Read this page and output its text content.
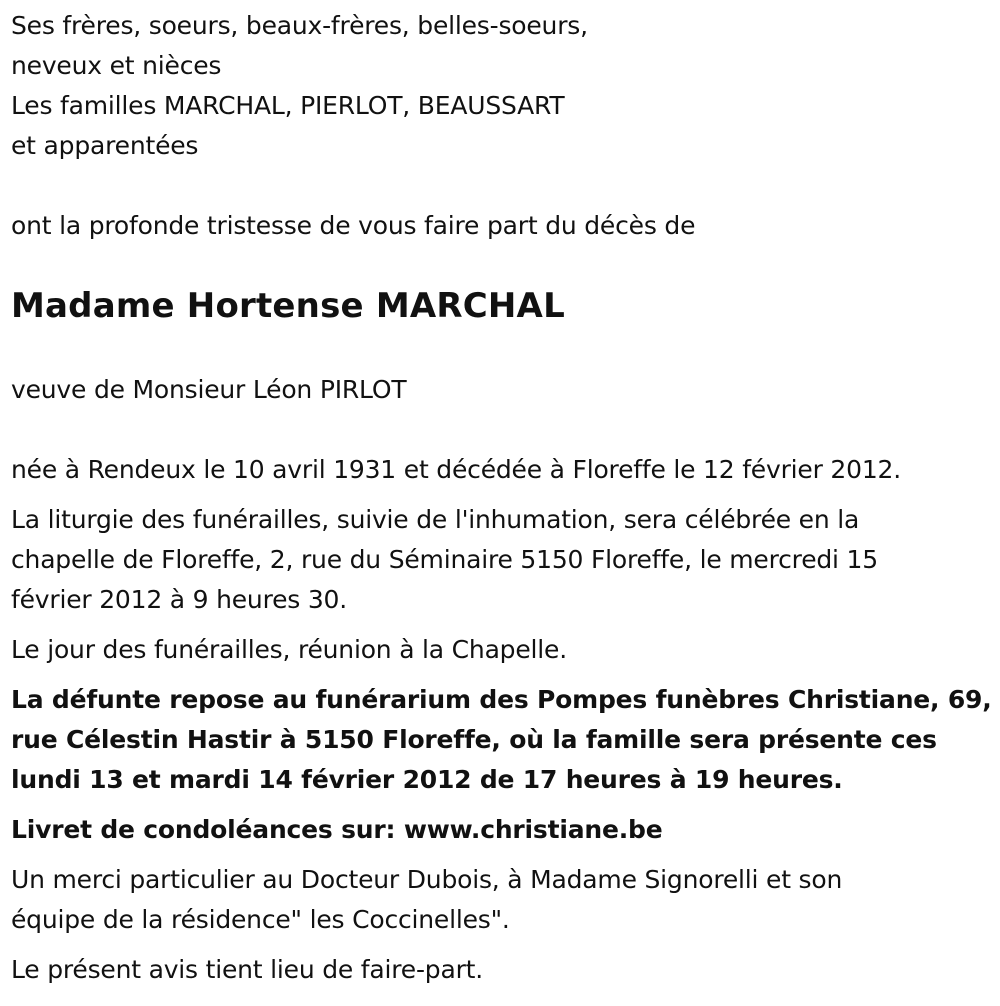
Ses frères, soeurs, beaux-frères, belles-soeurs,

neveux et nièces

Les familles MARCHAL, PIERLOT, BEAUSSART

et apparentées

ont la profonde tristesse de vous faire part du décès de

Madame Hortense MARCHAL

veuve de Monsieur Léon PIRLOT

née à Rendeux le 10 avril 1931 et décédée à Floreffe le 12 février 2012.

La liturgie des funérailles, suivie de l'inhumation, sera célébrée en la

chapelle de Floreffe, 2, rue du Séminaire 5150 Floreffe, le mercredi 15

février 2012 à 9 heures 30.

Le jour des funérailles, réunion à la Chapelle.

La défunte repose au funérarium des Pompes funèbres Christiane, 69,

rue Célestin Hastir à 5150 Floreffe, où la famille sera présente ces

lundi 13 et mardi 14 février 2012 de 17 heures à 19 heures.

Livret de condoléances sur: www.christiane.be

Un merci particulier au Docteur Dubois, à Madame Signorelli et son

équipe de la résidence" les Coccinelles".

Le présent avis tient lieu de faire-part.
